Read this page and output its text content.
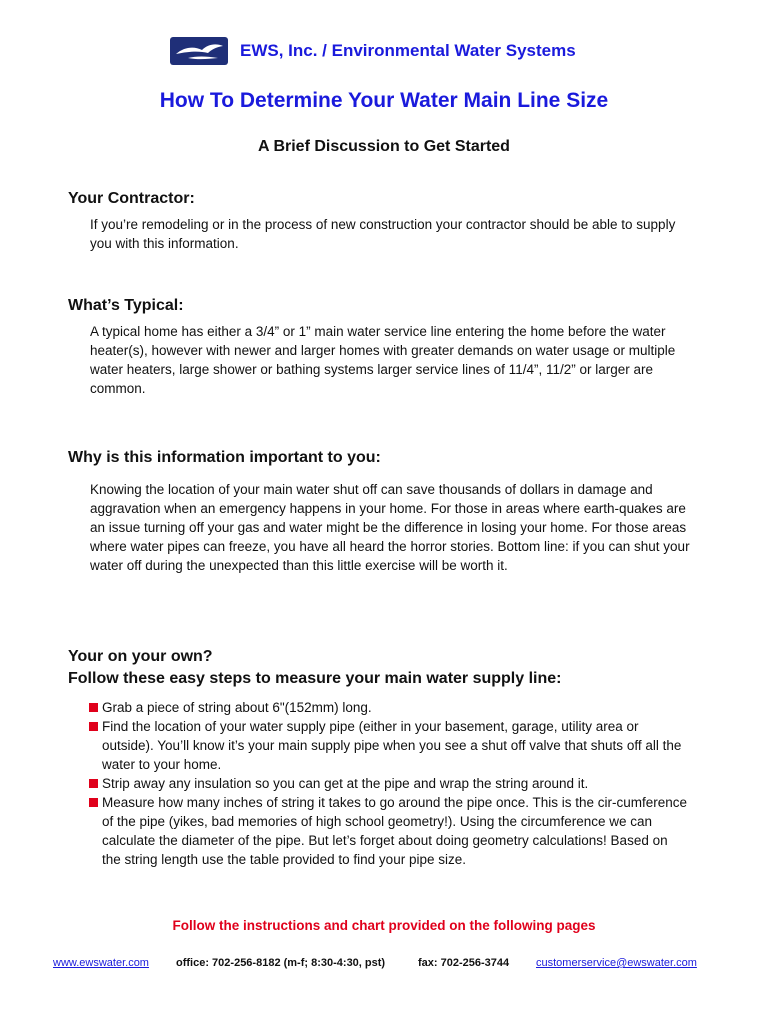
EWS, Inc. / Environmental Water Systems
How To Determine Your Water Main Line Size
A Brief Discussion to Get Started
Your Contractor:

If you’re remodeling or in the process of new construction your contractor should be able to supply you with this information.

What’s Typical:

A typical home has either a 3/4” or 1” main water service line entering the home before the water heater(s), however with newer and larger homes with greater demands on water usage or multiple water heaters, large shower or bathing systems larger service lines of 11/4”, 11/2” or larger are common.

Why is this information important to you:

Knowing the location of your main water shut off can save thousands of dollars in damage and aggravation when an emergency happens in your home. For those in areas where earth-quakes are an issue turning off your gas and water might be the difference in losing your home. For those areas where water pipes can freeze, you have all heard the horror stories. Bottom line: if you can shut your water off during the unexpected than this little exercise will be worth it.

Your on your own?
Follow these easy steps to measure your main water supply line:
Grab a piece of string about 6"(152mm) long.
Find the location of your water supply pipe (either in your basement, garage, utility area or outside). You’ll know it’s your main supply pipe when you see a shut off valve that shuts off all the water to your home.
Strip away any insulation so you can get at the pipe and wrap the string around it.
Measure how many inches of string it takes to go around the pipe once. This is the cir-cumference of the pipe (yikes, bad memories of high school geometry!). Using the circumference we can calculate the diameter of the pipe. But let’s forget about doing geometry calculations! Based on the string length use the table provided to find your pipe size.
Follow the instructions and chart provided on the following pages
www.ewswater.com office: 702-256-8182 (m-f; 8:30-4:30, pst)	fax: 702-256-3744 customerservice@ewswater.com
